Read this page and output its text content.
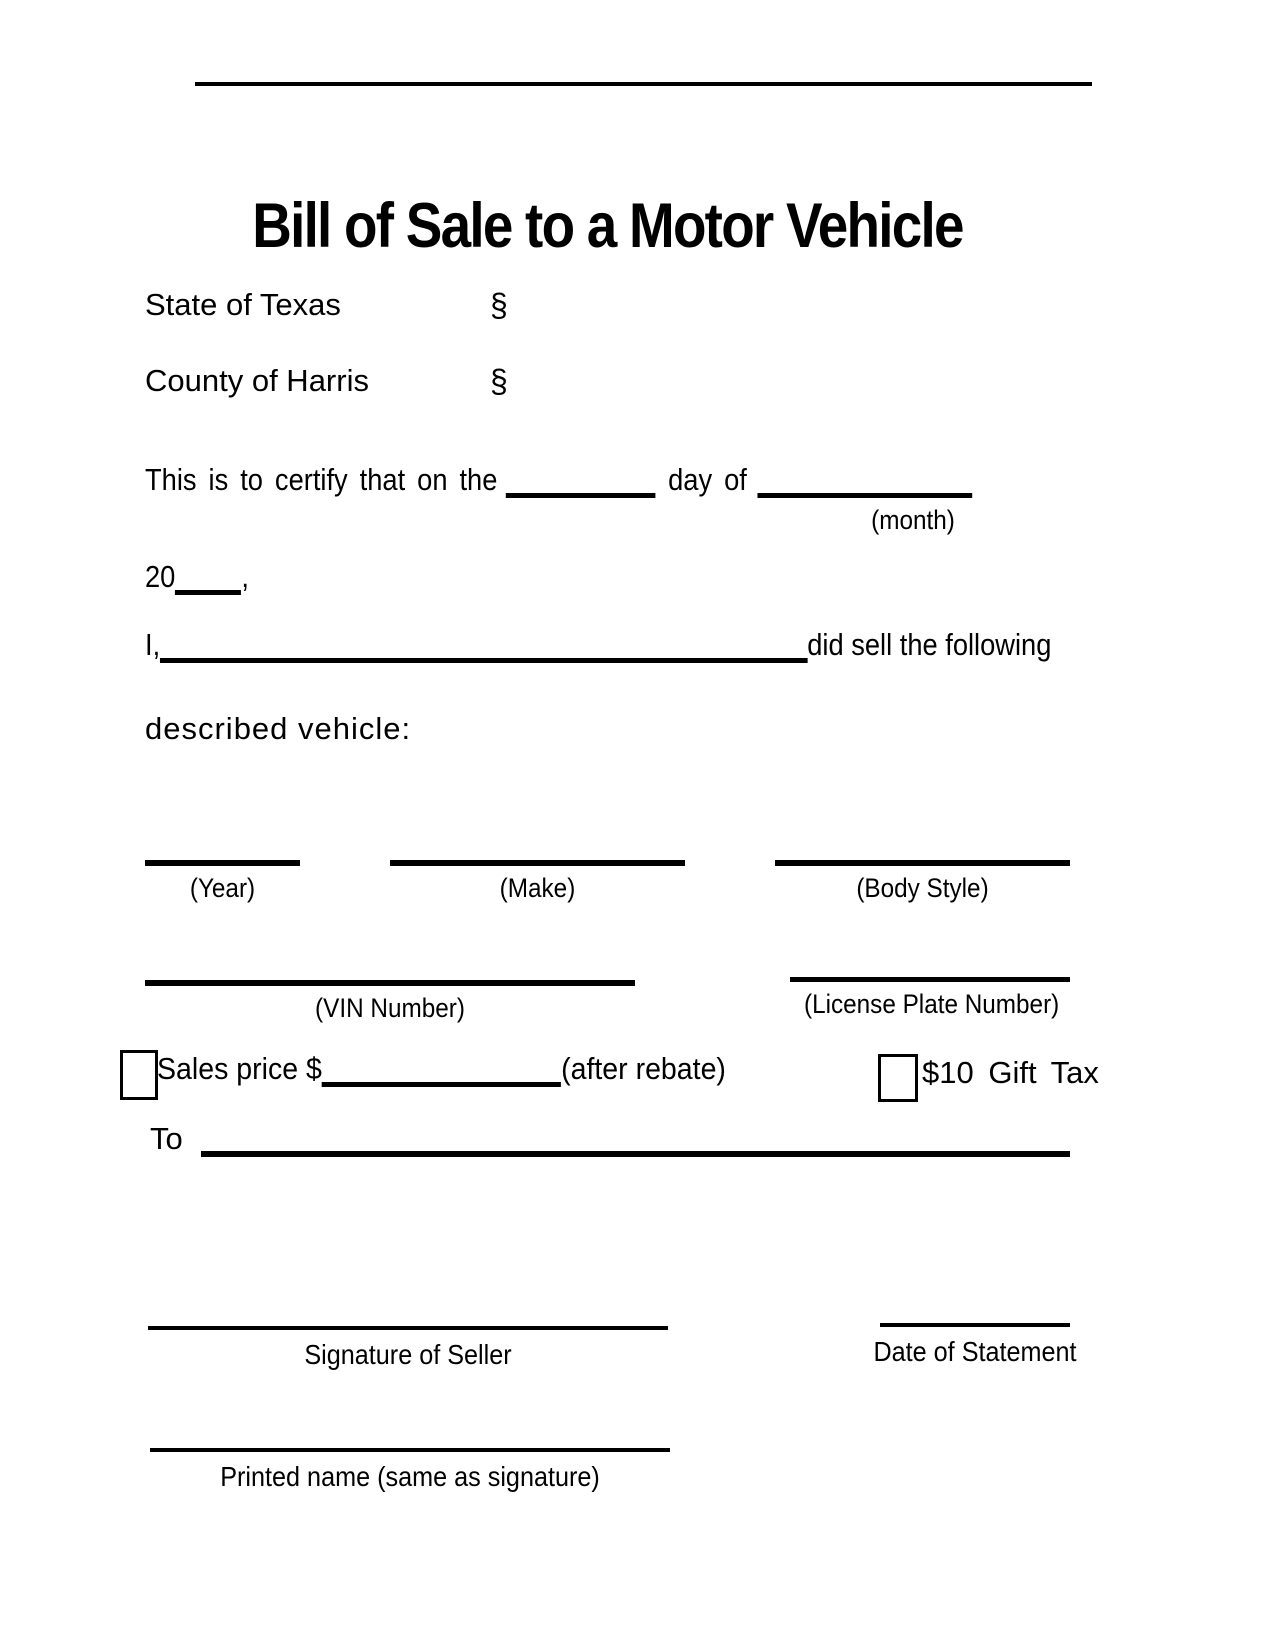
Bill of Sale to a Motor Vehicle
State of Texas	§
County of Harris	§
This is to certify that on the	day of
(month)
20 ,
I,	did sell the following
described vehicle:
(Year)	(Make)	(Body Style)
(VIN Number)	(License Plate Number)
Sales price $	(after rebate)	$10 Gift Tax
To
Signature of Seller	Date of Statement
Printed name (same as signature)
